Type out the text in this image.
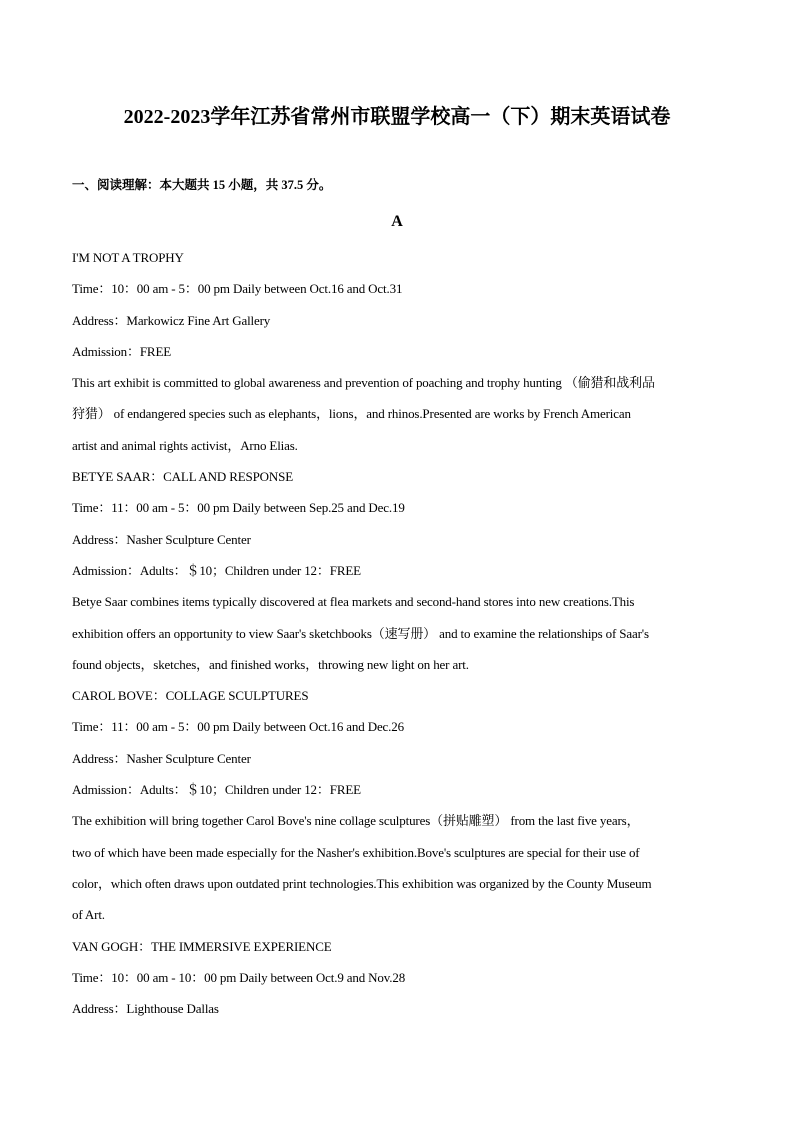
2022-2023学年江苏省常州市联盟学校高一（下）期末英语试卷
一、阅读理解：本大题共 15 小题，共 37.5 分。
A
I'M NOT A TROPHY
Time：10：00 am - 5：00 pm Daily between Oct.16 and Oct.31
Address：Markowicz Fine Art Gallery
Admission：FREE
This art exhibit is committed to global awareness and prevention of poaching and trophy hunting （偷猎和战利品
狩猎） of endangered species such as elephants，lions，and rhinos.Presented are works by French American
artist and animal rights activist，Arno Elias.
BETYE SAAR：CALL AND RESPONSE
Time：11：00 am - 5：00 pm Daily between Sep.25 and Dec.19
Address：Nasher Sculpture Center
Admission：Adults：＄10；Children under 12：FREE
Betye Saar combines items typically discovered at flea markets and second-hand stores into new creations.This
exhibition offers an opportunity to view Saar's sketchbooks（速写册） and to examine the relationships of Saar's
found objects，sketches，and finished works，throwing new light on her art.
CAROL BOVE：COLLAGE SCULPTURES
Time：11：00 am - 5：00 pm Daily between Oct.16 and Dec.26
Address：Nasher Sculpture Center
Admission：Adults：＄10；Children under 12：FREE
The exhibition will bring together Carol Bove's nine collage sculptures（拼贴雕塑） from the last five years，
two of which have been made especially for the Nasher's exhibition.Bove's sculptures are special for their use of
color，which often draws upon outdated print technologies.This exhibition was organized by the County Museum
of Art.
VAN GOGH：THE IMMERSIVE EXPERIENCE
Time：10：00 am - 10：00 pm Daily between Oct.9 and Nov.28
Address：Lighthouse Dallas
